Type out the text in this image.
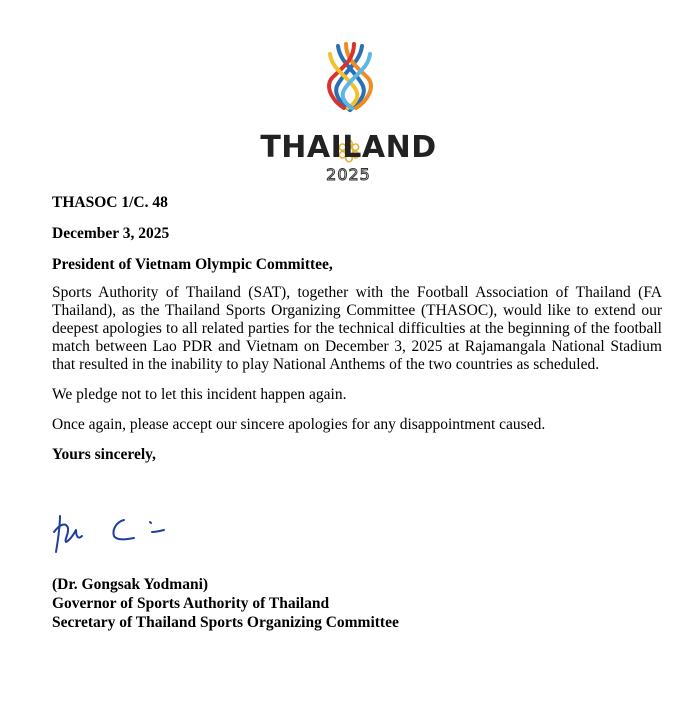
THAILAND
2025

THASOC 1/C. 48

December 3, 2025

President of Vietnam Olympic Committee,

Sports Authority of Thailand (SAT), together with the Football Association of Thailand (FA Thailand), as the Thailand Sports Organizing Committee (THASOC), would like to extend our deepest apologies to all related parties for the technical difficulties at the beginning of the football match between Lao PDR and Vietnam on December 3, 2025 at Rajamangala National Stadium that resulted in the inability to play National Anthems of the two countries as scheduled.

We pledge not to let this incident happen again.

Once again, please accept our sincere apologies for any disappointment caused.

Yours sincerely,

(Dr. Gongsak Yodmani)

Governor of Sports Authority of Thailand

Secretary of Thailand Sports Organizing Committee
